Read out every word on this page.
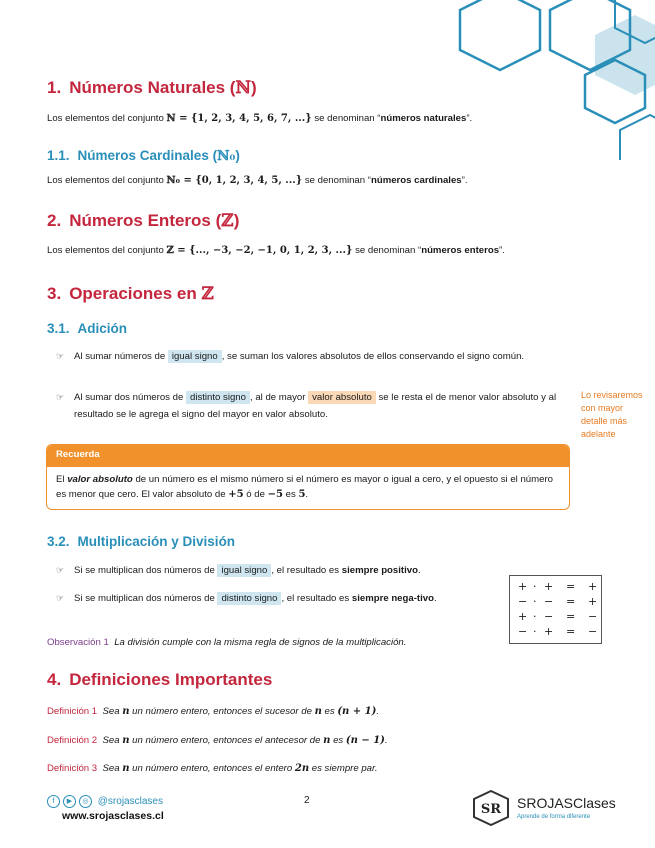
1. Números Naturales (ℕ)
Los elementos del conjunto ℕ = {1, 2, 3, 4, 5, 6, 7, ...} se denominan “números naturales”.
1.1. Números Cardinales (ℕ₀)
Los elementos del conjunto ℕ₀ = {0, 1, 2, 3, 4, 5, ...} se denominan “números cardinales”.
2. Números Enteros (ℤ)
Los elementos del conjunto ℤ = {..., −3, −2, −1, 0, 1, 2, 3, ...} se denominan “números enteros”.
3. Operaciones en ℤ
3.1. Adición
☞ Al sumar números de igual signo , se suman los valores absolutos de ellos conservando el signo común.
☞ Al sumar dos números de distinto signo , al de mayor valor absoluto se le resta el de menor valor absoluto y al resultado se le agrega el signo del mayor en valor absoluto.
Lo revisaremos con mayor detalle más adelante
Recuerda
El valor absoluto de un número es el mismo número si el número es mayor o igual a cero, y el opuesto si el número es menor que cero. El valor absoluto de +5 ó de −5 es 5.
3.2. Multiplicación y División
☞ Si se multiplican dos números de igual signo , el resultado es siempre positivo.
☞ Si se multiplican dos números de distinto signo , el resultado es siempre nega-tivo.
+ · + = +
− · − = +
+ · − = −
− · + = −
Observación 1 La división cumple con la misma regla de signos de la multiplicación.
4. Definiciones Importantes
Definición 1 Sea n un número entero, entonces el sucesor de n es (n + 1).
Definición 2 Sea n un número entero, entonces el antecesor de n es (n − 1).
Definición 3 Sea n un número entero, entonces el entero 2n es siempre par.
f ▶ ◎ @srojasclases
www.srojasclases.cl
2
SR SROJASClases
Aprende de forma diferente
